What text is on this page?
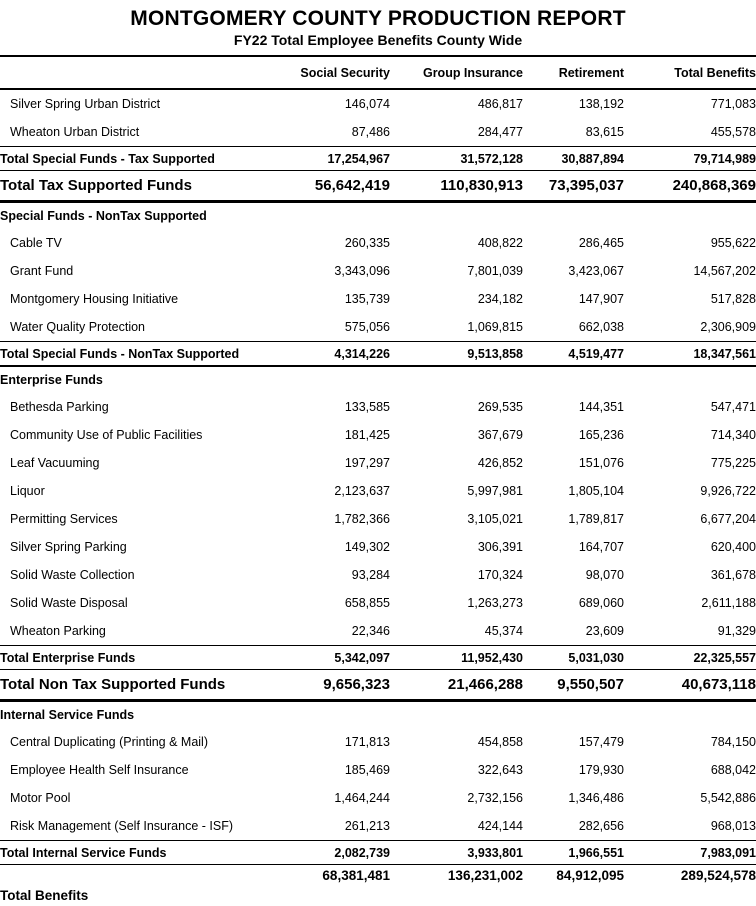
MONTGOMERY COUNTY PRODUCTION REPORT
FY22 Total Employee Benefits County Wide
	Social Security	Group Insurance	Retirement	Total Benefits
Silver Spring Urban District	146,074	486,817	138,192	771,083
Wheaton Urban District	87,486	284,477	83,615	455,578
Total Special Funds - Tax Supported	17,254,967	31,572,128	30,887,894	79,714,989
Total Tax Supported Funds	56,642,419	110,830,913	73,395,037	240,868,369
Special Funds - NonTax Supported				
Cable TV	260,335	408,822	286,465	955,622
Grant Fund	3,343,096	7,801,039	3,423,067	14,567,202
Montgomery Housing Initiative	135,739	234,182	147,907	517,828
Water Quality Protection	575,056	1,069,815	662,038	2,306,909
Total Special Funds - NonTax Supported	4,314,226	9,513,858	4,519,477	18,347,561
Enterprise Funds				
Bethesda Parking	133,585	269,535	144,351	547,471
Community Use of Public Facilities	181,425	367,679	165,236	714,340
Leaf Vacuuming	197,297	426,852	151,076	775,225
Liquor	2,123,637	5,997,981	1,805,104	9,926,722
Permitting Services	1,782,366	3,105,021	1,789,817	6,677,204
Silver Spring Parking	149,302	306,391	164,707	620,400
Solid Waste Collection	93,284	170,324	98,070	361,678
Solid Waste Disposal	658,855	1,263,273	689,060	2,611,188
Wheaton Parking	22,346	45,374	23,609	91,329
Total Enterprise Funds	5,342,097	11,952,430	5,031,030	22,325,557
Total Non Tax Supported Funds	9,656,323	21,466,288	9,550,507	40,673,118
Internal Service Funds				
Central Duplicating (Printing & Mail)	171,813	454,858	157,479	784,150
Employee Health Self Insurance	185,469	322,643	179,930	688,042
Motor Pool	1,464,244	2,732,156	1,346,486	5,542,886
Risk Management (Self Insurance - ISF)	261,213	424,144	282,656	968,013
Total Internal Service Funds	2,082,739	3,933,801	1,966,551	7,983,091
Total Benefits	68,381,481	136,231,002	84,912,095	289,524,578
